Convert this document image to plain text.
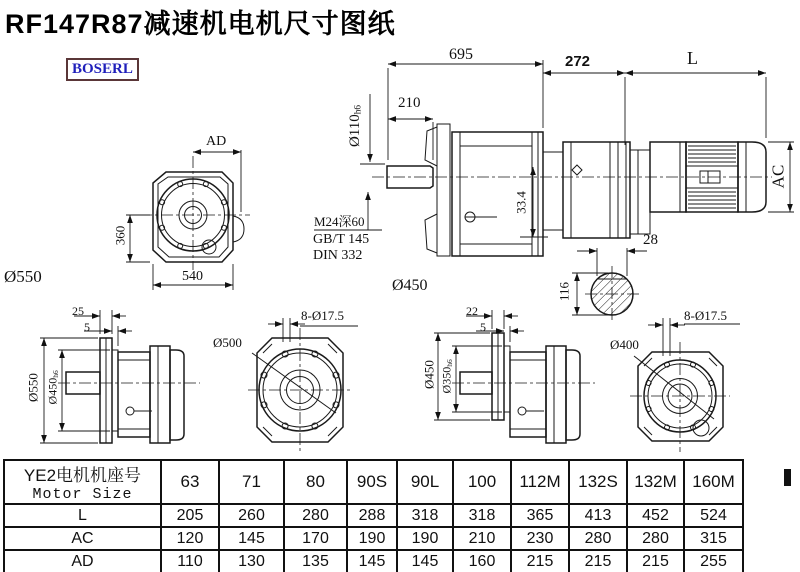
RF147R87减速机电机尺寸图纸
BOSERL
695
210
Ø110h6
272	L
AC
33.4
M24深60
GB/T 145
DIN 332
Ø450
28
116
AD
360
540
Ø550
25
5
Ø550 Ø450h6
8-Ø17.5
Ø500
22
5
Ø450 Ø350h6
8-Ø17.5
Ø400
YE2电机机座号
Motor Size	63	71	80	90S	90L	100	112M	132S	132M	160M
L	205	260	280	288	318	318	365	413	452	524
AC	120	145	170	190	190	210	230	280	280	315
AD	110	130	135	145	145	160	215	215	215	255
